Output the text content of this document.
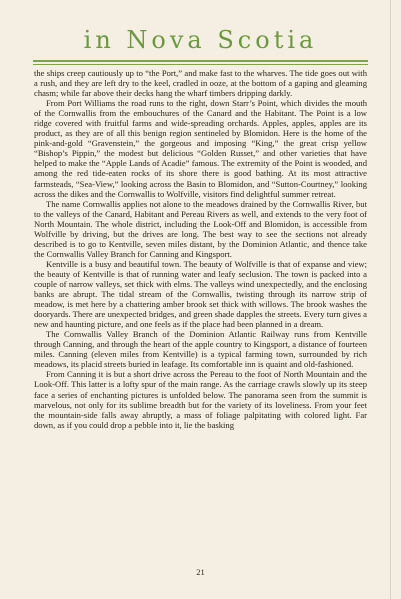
in Nova Scotia

the ships creep cautiously up to “the Port,” and make fast to the wharves. The tide goes out with a rush, and they are left dry to the keel, cradled in ooze, at the bottom of a gaping and gleaming chasm; while far above their decks hang the wharf timbers dripping darkly.

From Port Williams the road runs to the right, down Starr’s Point, which divides the mouth of the Cornwallis from the embouchures of the Canard and the Habitant. The Point is a low ridge covered with fruitful farms and wide-spreading orchards. Apples, apples, apples are its product, as they are of all this benign region sentineled by Blomidon. Here is the home of the pink-and-gold “Gravenstein,” the gorgeous and imposing “King,” the great crisp yellow “Bishop’s Pippin,” the modest but delicious “Golden Russet,” and other varieties that have helped to make the “Apple Lands of Acadie” famous. The extremity of the Point is wooded, and among the red tide-eaten rocks of its shore there is good bathing. At its most attractive farmsteads, “Sea-View,” looking across the Basin to Blomidon, and “Sutton-Courtney,” looking across the dikes and the Cornwallis to Wolfville, visitors find delightful summer retreat.

The name Cornwallis applies not alone to the meadows drained by the Cornwallis River, but to the valleys of the Canard, Habitant and Pereau Rivers as well, and extends to the very foot of North Mountain. The whole district, including the Look-Off and Blomidon, is accessible from Wolfville by driving, but the drives are long. The best way to see the sections not already described is to go to Kentville, seven miles distant, by the Dominion Atlantic, and thence take the Cornwallis Valley Branch for Canning and Kingsport.

Kentville is a busy and beautiful town. The beauty of Wolfville is that of expanse and view; the beauty of Kentville is that of running water and leafy seclusion. The town is packed into a couple of narrow valleys, set thick with elms. The valleys wind unexpectedly, and the enclosing banks are abrupt. The tidal stream of the Cornwallis, twisting through its narrow strip of meadow, is met here by a chattering amber brook set thick with willows. The brook washes the dooryards. There are unexpected bridges, and green shade dapples the streets. Every turn gives a new and haunting picture, and one feels as if the place had been planned in a dream.

The Cornwallis Valley Branch of the Dominion Atlantic Railway runs from Kentville through Canning, and through the heart of the apple country to Kingsport, a distance of fourteen miles. Canning (eleven miles from Kentville) is a typical farming town, surrounded by rich meadows, its placid streets buried in leafage. Its comfortable inn is quaint and old-fashioned.

From Canning it is but a short drive across the Pereau to the foot of North Mountain and the Look-Off. This latter is a lofty spur of the main range. As the carriage crawls slowly up its steep face a series of enchanting pictures is unfolded below. The panorama seen from the summit is marvelous, not only for its sublime breadth but for the variety of its loveliness. From your feet the mountain-side falls away abruptly, a mass of foliage palpitating with colored light. Far down, as if you could drop a pebble into it, lie the basking

21
